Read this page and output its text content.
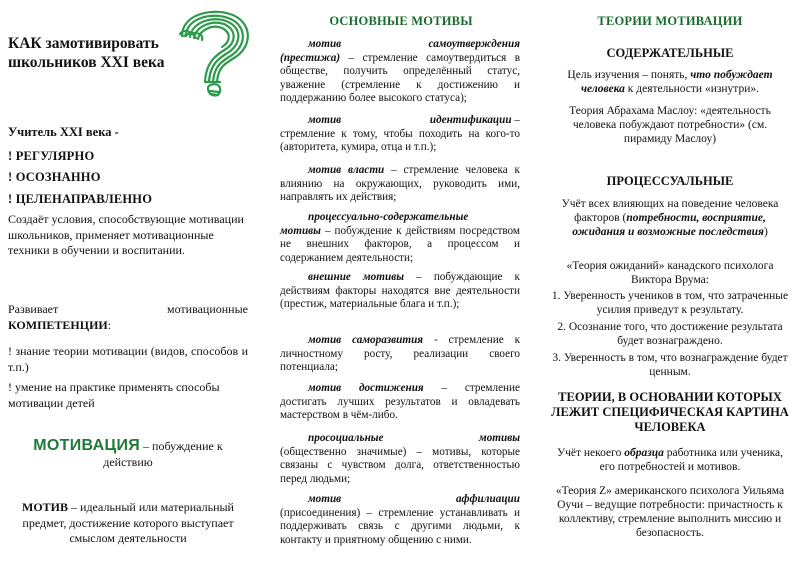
КАК замотивировать школьников XXI века
Учитель XXI века -
! РЕГУЛЯРНО
! ОСОЗНАННО
! ЦЕЛЕНАПРАВЛЕННО
Создаёт условия, способствующие мотивации школьников, применяет мотивационные техники в обучении и воспитании.
Развивает	мотивационные
КОМПЕТЕНЦИИ:
! знание теории мотивации (видов, способов и т.п.)
! умение на практике применять способы мотивации детей
МОТИВАЦИЯ – побуждение к действию
МОТИВ – идеальный или материальный предмет, достижение которого выступает смыслом деятельности
ОСНОВНЫЕ МОТИВЫ
мотив	самоутверждения
(престижа) – стремление самоутвердиться в обществе, получить определённый статус, уважение (стремление к достижению и поддержанию более высокого статуса);
мотив	идентификации –
стремление к тому, чтобы походить на кого-то (авторитета, кумира, отца и т.п.);
мотив власти – стремление человека к влиянию на окружающих, руководить ими, направлять их действия;
процессуально-содержательные
мотивы – побуждение к действиям посредством не внешних факторов, а процессом и содержанием деятельности;
внешние мотивы – побуждающие к действиям факторы находятся вне деятельности (престиж, материальные блага и т.п.);
мотив саморазвития - стремление к личностному росту, реализации своего потенциала;
мотив достижения – стремление достигать лучших результатов и овладевать мастерством в чём-либо.
просоциальные	мотивы
(общественно значимые) – мотивы, которые связаны с чувством долга, ответственностью перед людьми;
мотив	аффилиации
(присоединения) – стремление устанавливать и поддерживать связь с другими людьми, к контакту и приятному общению с ними.
ТЕОРИИ МОТИВАЦИИ
СОДЕРЖАТЕЛЬНЫЕ
Цель изучения – понять, что побуждает человека к деятельности «изнутри».
Теория Абрахама Маслоу: «деятельность человека побуждают потребности» (см. пирамиду Маслоу)
ПРОЦЕССУАЛЬНЫЕ
Учёт всех влияющих на поведение человека факторов (потребности, восприятие, ожидания и возможные последствия)
«Теория ожиданий» канадского психолога Виктора Врума:
1. Уверенность учеников в том, что затраченные усилия приведут к результату.
2. Осознание того, что достижение результата будет вознаграждено.
3. Уверенность в том, что вознаграждение будет ценным.
ТЕОРИИ, В ОСНОВАНИИ КОТОРЫХ ЛЕЖИТ СПЕЦИФИЧЕСКАЯ КАРТИНА ЧЕЛОВЕКА
Учёт некоего образца работника или ученика, его потребностей и мотивов.
«Теория Z» американского психолога Уильяма Оучи – ведущие потребности: причастность к коллективу, стремление выполнить миссию и безопасность.
